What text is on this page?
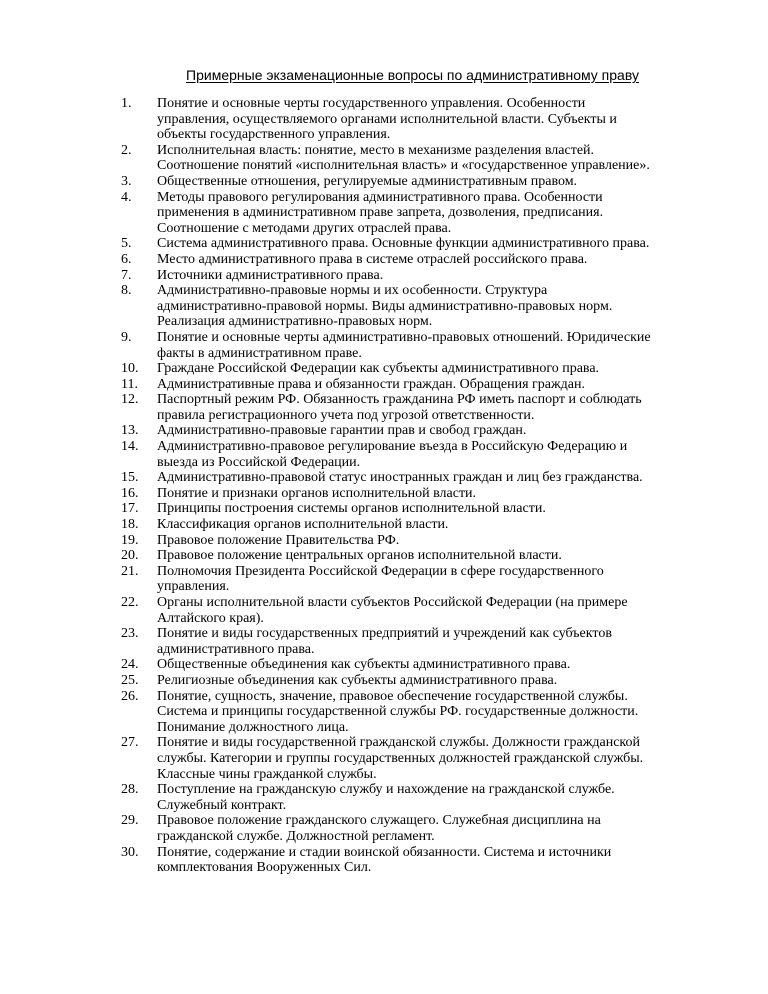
Примерные экзаменационные вопросы по административному праву
1.	Понятие и основные черты государственного управления. Особенности
управления, осуществляемого органами исполнительной власти. Субъекты и
объекты государственного управления.
2.	Исполнительная власть: понятие, место в механизме разделения властей.
Соотношение понятий «исполнительная власть» и «государственное управление».
3.	Общественные отношения, регулируемые административным правом.
4.	Методы правового регулирования административного права. Особенности
применения в административном праве запрета, дозволения, предписания.
Соотношение с методами других отраслей права.
5.	Система административного права. Основные функции административного права.
6.	Место административного права в системе отраслей российского права.
7.	Источники административного права.
8.	Административно-правовые нормы и их особенности. Структура
административно-правовой нормы. Виды административно-правовых норм.
Реализация административно-правовых норм.
9.	Понятие и основные черты административно-правовых отношений. Юридические
факты в административном праве.
10.	Граждане Российской Федерации как субъекты административного права.
11.	Административные права и обязанности граждан. Обращения граждан.
12.	Паспортный режим РФ. Обязанность гражданина РФ иметь паспорт и соблюдать
правила регистрационного учета под угрозой ответственности.
13.	Административно-правовые гарантии прав и свобод граждан.
14.	Административно-правовое регулирование въезда в Российскую Федерацию и
выезда из Российской Федерации.
15.	Административно-правовой статус иностранных граждан и лиц без гражданства.
16.	Понятие и признаки органов исполнительной власти.
17.	Принципы построения системы органов исполнительной власти.
18.	Классификация органов исполнительной власти.
19.	Правовое положение Правительства РФ.
20.	Правовое положение центральных органов исполнительной власти.
21.	Полномочия Президента Российской Федерации в сфере государственного
управления.
22.	Органы исполнительной власти субъектов Российской Федерации (на примере
Алтайского края).
23.	Понятие и виды государственных предприятий и учреждений как субъектов
административного права.
24.	Общественные объединения как субъекты административного права.
25.	Религиозные объединения как субъекты административного права.
26.	Понятие, сущность, значение, правовое обеспечение государственной службы.
Система и принципы государственной службы РФ. государственные должности.
Понимание должностного лица.
27.	Понятие и виды государственной гражданской службы. Должности гражданской
службы. Категории и группы государственных должностей гражданской службы.
Классные чины гражданкой службы.
28.	Поступление на гражданскую службу и нахождение на гражданской службе.
Служебный контракт.
29.	Правовое положение гражданского служащего. Служебная дисциплина на
гражданской службе. Должностной регламент.
30.	Понятие, содержание и стадии воинской обязанности. Система и источники
комплектования Вооруженных Сил.
